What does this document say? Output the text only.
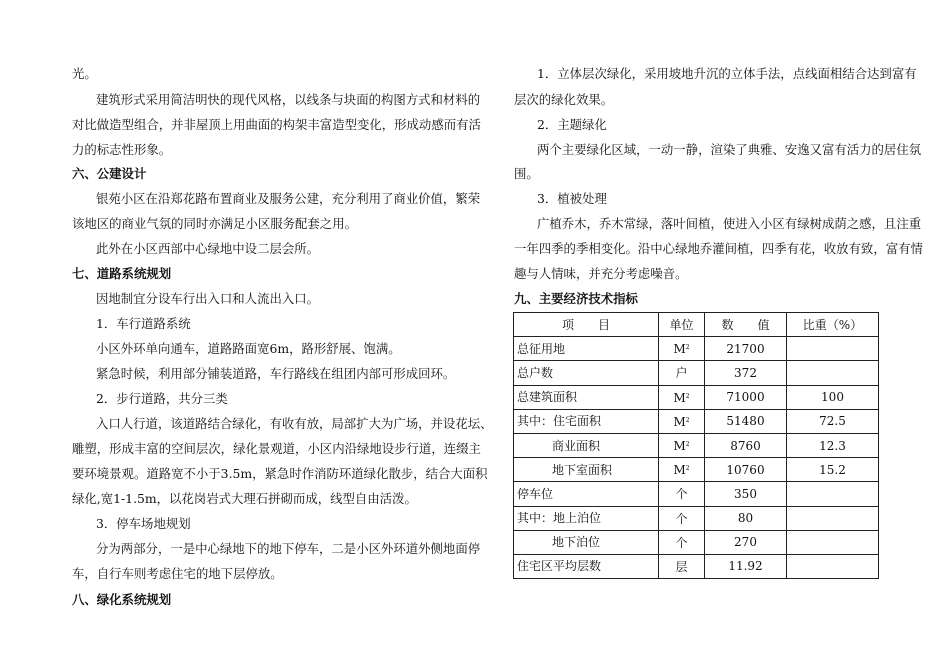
光。
建筑形式采用简洁明快的现代风格，以线条与块面的构图方式和材料的
对比做造型组合，并非屋顶上用曲面的构架丰富造型变化，形成动感而有活
力的标志性形象。
六、公建设计
银苑小区在沿郑花路布置商业及服务公建，充分利用了商业价值，繁荣
该地区的商业气氛的同时亦满足小区服务配套之用。
此外在小区西部中心绿地中设二层会所。
七、道路系统规划
因地制宜分设车行出入口和人流出入口。
1．车行道路系统
小区外环单向通车，道路路面宽6m，路形舒展、饱满。
紧急时候，利用部分铺装道路，车行路线在组团内部可形成回环。
2．步行道路，共分三类
入口人行道，该道路结合绿化，有收有放，局部扩大为广场，并设花坛、
雕塑，形成丰富的空间层次，绿化景观道，小区内沿绿地设步行道，连缀主
要环境景观。道路宽不小于3.5m，紧急时作消防环道绿化散步，结合大面积
绿化,宽1-1.5m，以花岗岩式大理石拼砌而成，线型自由活泼。
3．停车场地规划
分为两部分，一是中心绿地下的地下停车，二是小区外环道外侧地面停
车，自行车则考虑住宅的地下层停放。
八、绿化系统规划
1．立体层次绿化，采用坡地升沉的立体手法，点线面相结合达到富有
层次的绿化效果。
2．主题绿化
两个主要绿化区域，一动一静，渲染了典雅、安逸又富有活力的居住氛
围。
3．植被处理
广植乔木，乔木常绿，落叶间植，使进入小区有绿树成荫之感，且注重
一年四季的季相变化。沿中心绿地乔灌间植，四季有花，收放有致，富有情
趣与人情味，并充分考虑噪音。
九、主要经济技术指标
项　　目	单位	数　　值	比重（%）
总征用地	$M^2$	21700	
总户数	户	372	
总建筑面积	$M^2$	71000	100
其中：住宅面积	$M^2$	51480	72.5
商业面积	$M^2$	8760	12.3
地下室面积	$M^2$	10760	15.2
停车位	个	350	
其中：地上泊位	个	80	
地下泊位	个	270	
住宅区平均层数	层	11.92	
